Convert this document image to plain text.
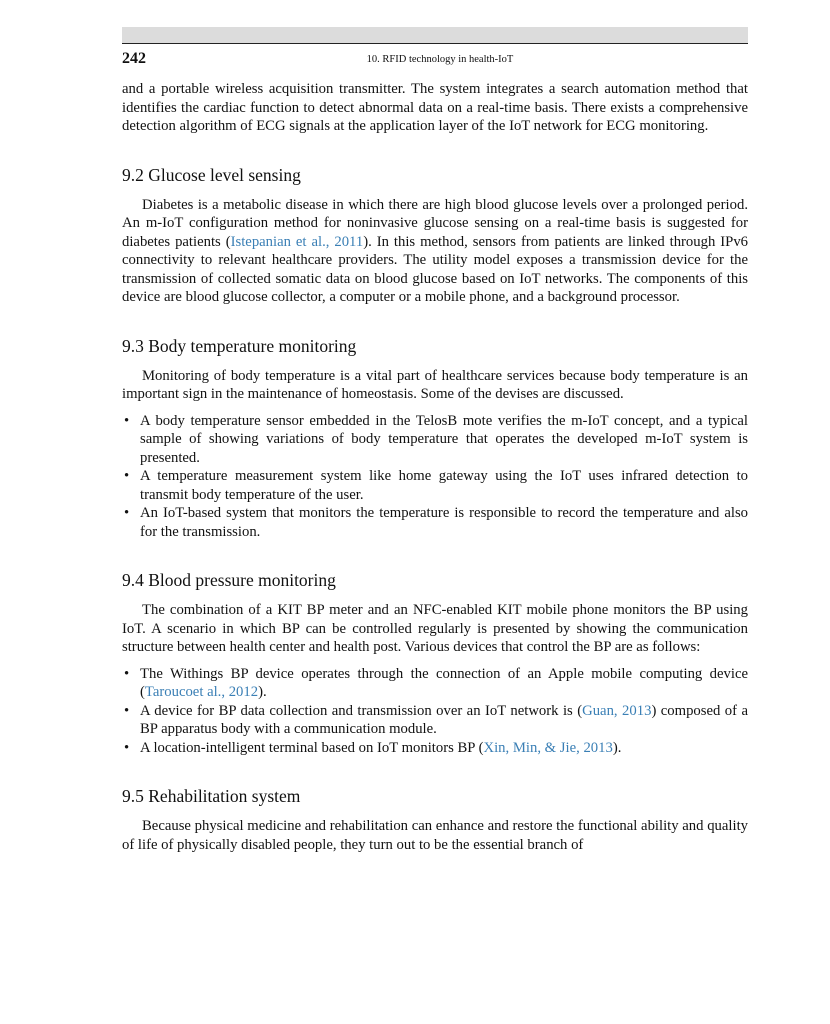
242	10. RFID technology in health-IoT

and a portable wireless acquisition transmitter. The system integrates a search automation method that identifies the cardiac function to detect abnormal data on a real-time basis. There exists a comprehensive detection algorithm of ECG signals at the application layer of the IoT network for ECG monitoring.

9.2 Glucose level sensing

Diabetes is a metabolic disease in which there are high blood glucose levels over a prolonged period. An m-IoT configuration method for noninvasive glucose sensing on a real-time basis is suggested for diabetes patients (Istepanian et al., 2011). In this method, sensors from patients are linked through IPv6 connectivity to relevant healthcare providers. The utility model exposes a transmission device for the transmission of collected somatic data on blood glucose based on IoT networks. The components of this device are blood glucose collector, a computer or a mobile phone, and a background processor.

9.3 Body temperature monitoring

Monitoring of body temperature is a vital part of healthcare services because body temperature is an important sign in the maintenance of homeostasis. Some of the devises are discussed.

• A body temperature sensor embedded in the TelosB mote verifies the m-IoT concept, and a typical sample of showing variations of body temperature that operates the developed m-IoT system is presented.
• A temperature measurement system like home gateway using the IoT uses infrared detection to transmit body temperature of the user.
• An IoT-based system that monitors the temperature is responsible to record the temperature and also for the transmission.
9.4 Blood pressure monitoring

The combination of a KIT BP meter and an NFC-enabled KIT mobile phone monitors the BP using IoT. A scenario in which BP can be controlled regularly is presented by showing the communication structure between health center and health post. Various devices that control the BP are as follows:

• The Withings BP device operates through the connection of an Apple mobile computing device (Taroucoet al., 2012).
• A device for BP data collection and transmission over an IoT network is (Guan, 2013) composed of a BP apparatus body with a communication module.
• A location-intelligent terminal based on IoT monitors BP (Xin, Min, & Jie, 2013).
9.5 Rehabilitation system

Because physical medicine and rehabilitation can enhance and restore the functional ability and quality of life of physically disabled people, they turn out to be the essential branch of
